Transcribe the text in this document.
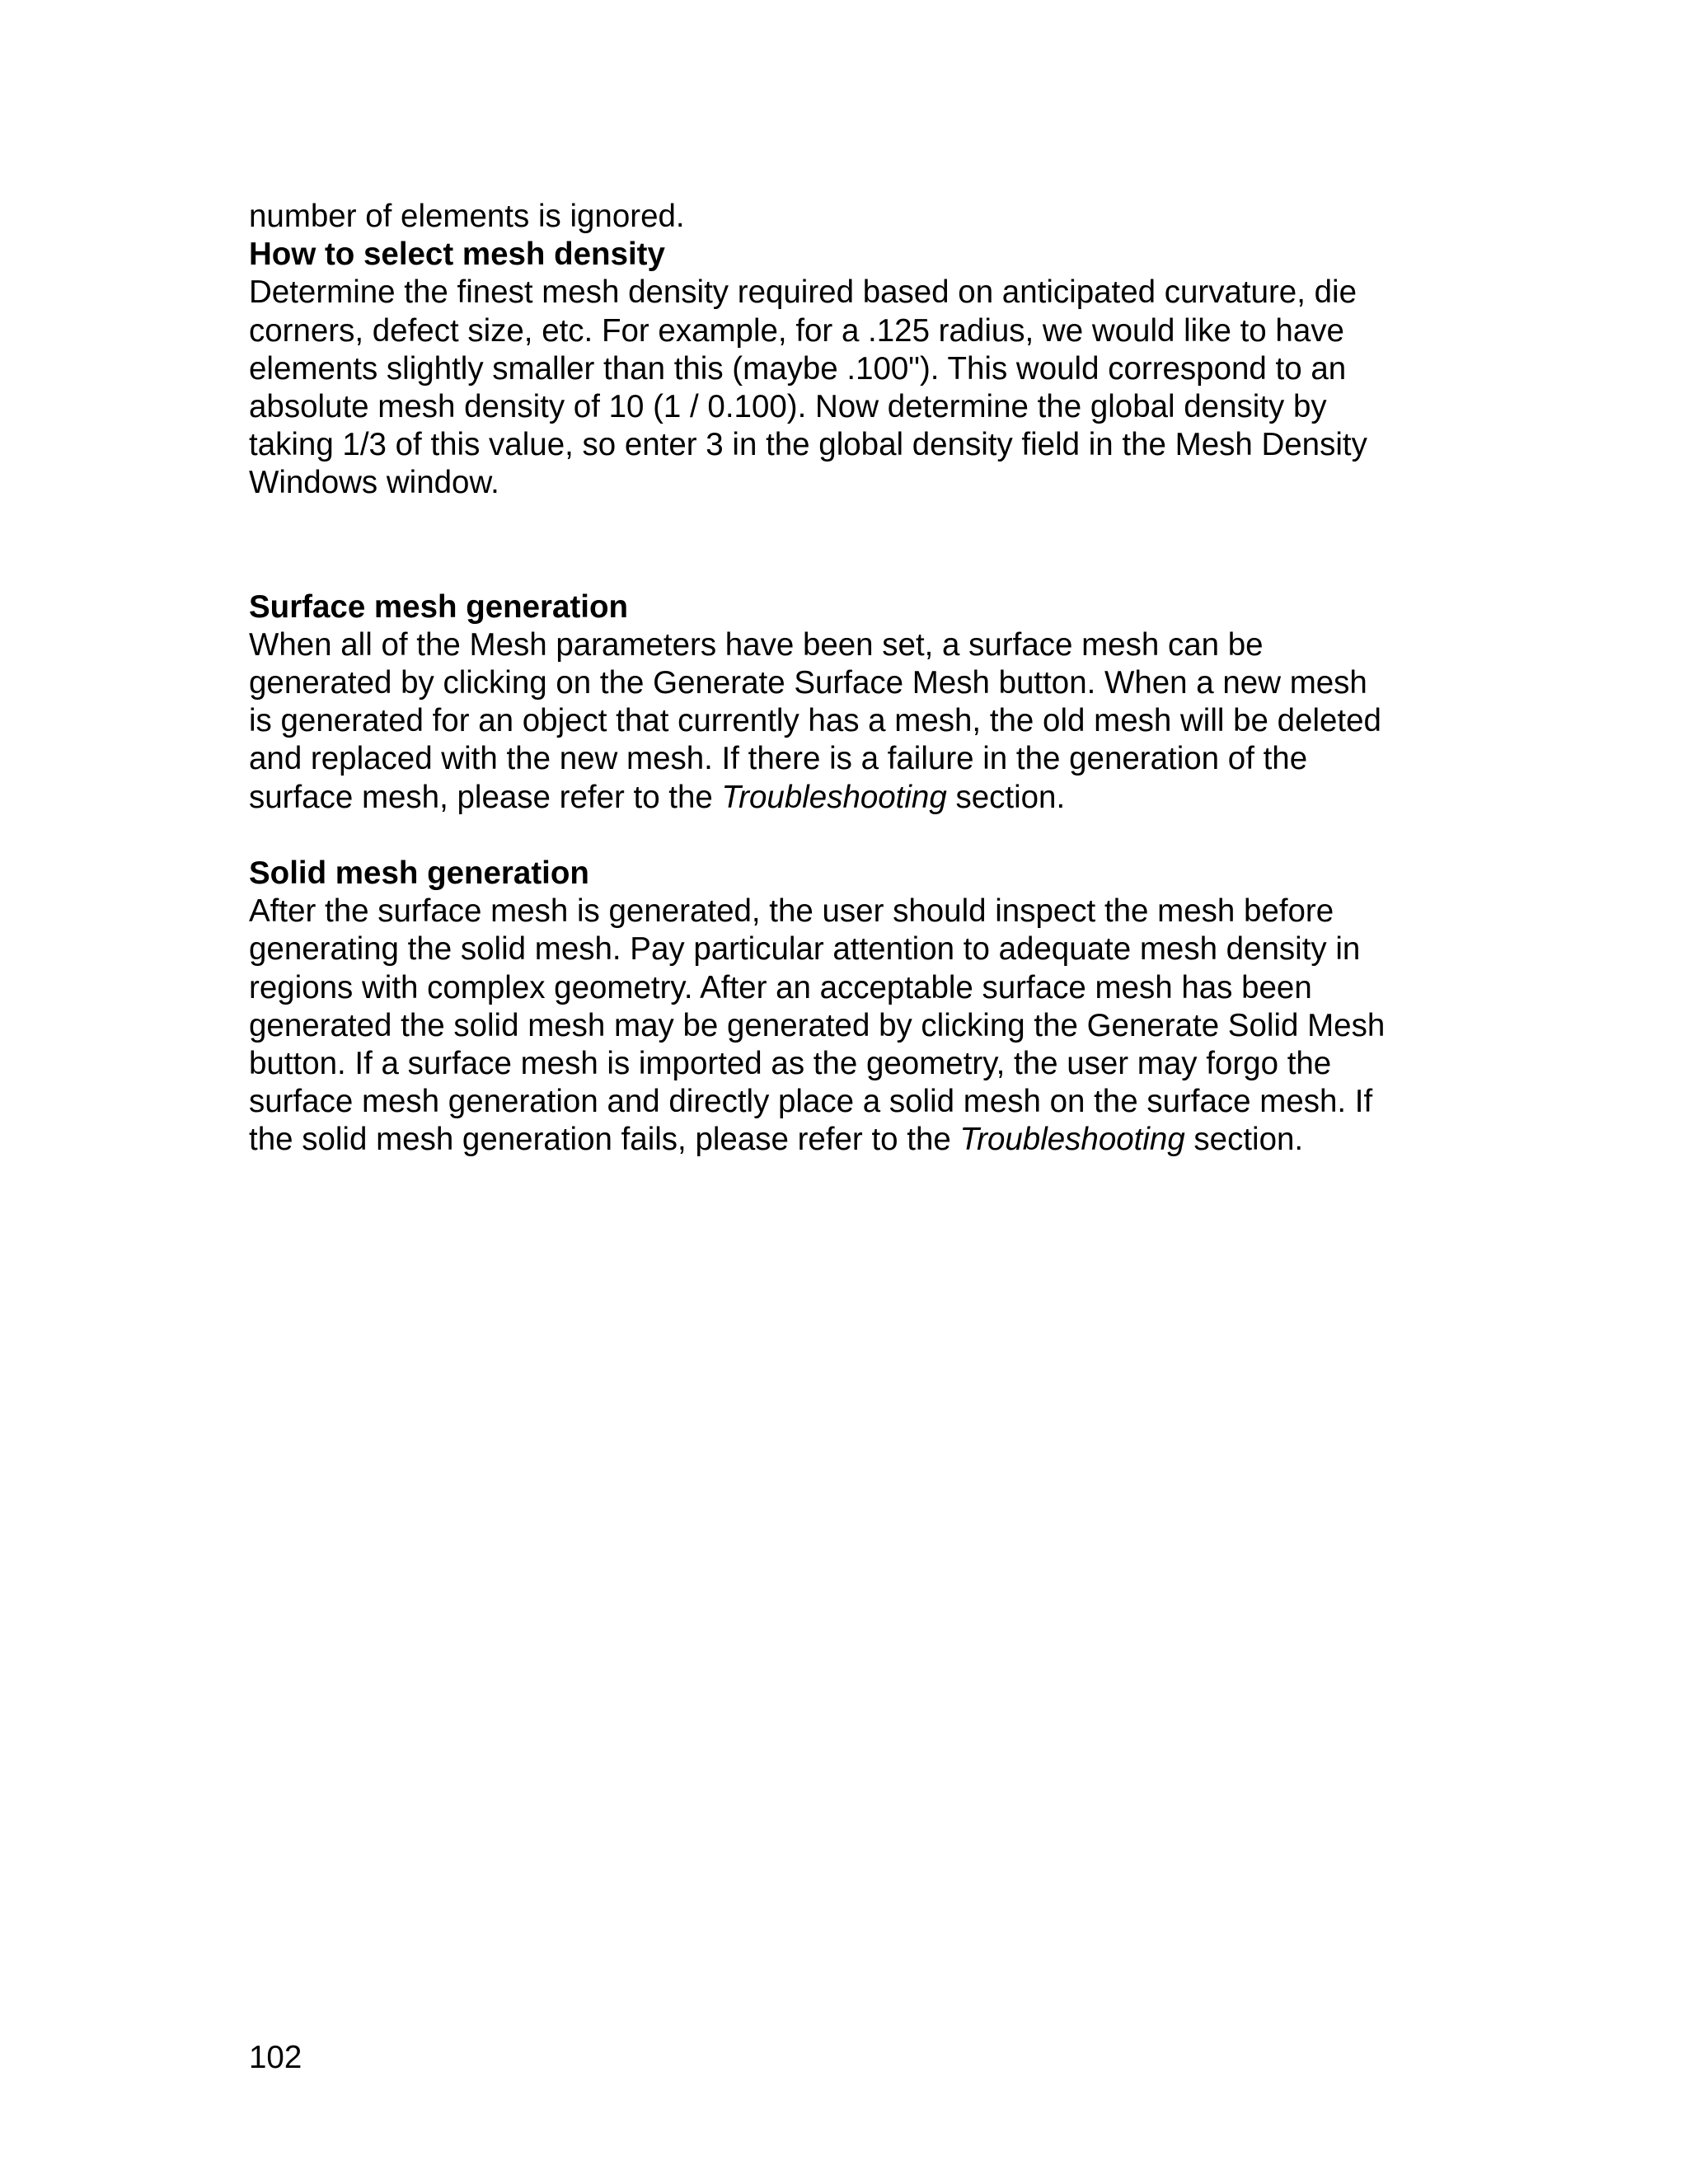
number of elements is ignored.
How to select mesh density
Determine the finest mesh density required based on anticipated curvature, die
corners, defect size, etc. For example, for a .125 radius, we would like to have
elements slightly smaller than this (maybe .100"). This would correspond to an
absolute mesh density of 10 (1 / 0.100). Now determine the global density by
taking 1/3 of this value, so enter 3 in the global density field in the Mesh Density
Windows window.
Surface mesh generation
When all of the Mesh parameters have been set, a surface mesh can be
generated by clicking on the Generate Surface Mesh button. When a new mesh
is generated for an object that currently has a mesh, the old mesh will be deleted
and replaced with the new mesh. If there is a failure in the generation of the
surface mesh, please refer to the Troubleshooting section.
Solid mesh generation
After the surface mesh is generated, the user should inspect the mesh before
generating the solid mesh. Pay particular attention to adequate mesh density in
regions with complex geometry. After an acceptable surface mesh has been
generated the solid mesh may be generated by clicking the Generate Solid Mesh
button. If a surface mesh is imported as the geometry, the user may forgo the
surface mesh generation and directly place a solid mesh on the surface mesh. If
the solid mesh generation fails, please refer to the Troubleshooting section.
102
